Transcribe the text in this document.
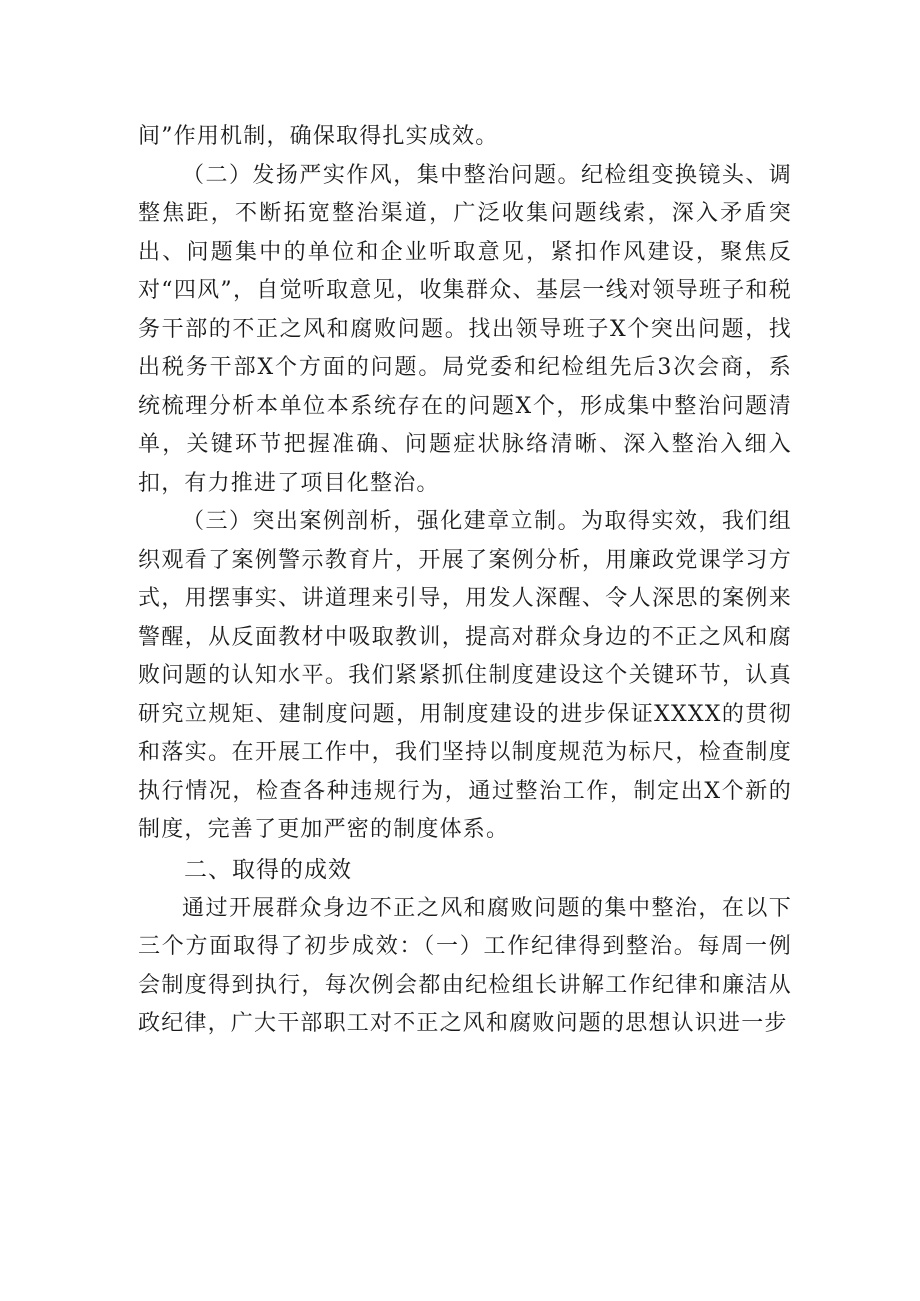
间”作用机制，确保取得扎实成效。

（二）发扬严实作风，集中整治问题。纪检组变换镜头、调整焦距，不断拓宽整治渠道，广泛收集问题线索，深入矛盾突出、问题集中的单位和企业听取意见，紧扣作风建设，聚焦反对“四风”，自觉听取意见，收集群众、基层一线对领导班子和税务干部的不正之风和腐败问题。找出领导班子X个突出问题，找出税务干部X个方面的问题。局党委和纪检组先后3次会商，系统梳理分析本单位本系统存在的问题X个，形成集中整治问题清单，关键环节把握准确、问题症状脉络清晰、深入整治入细入扣，有力推进了项目化整治。

（三）突出案例剖析，强化建章立制。为取得实效，我们组织观看了案例警示教育片，开展了案例分析，用廉政党课学习方式，用摆事实、讲道理来引导，用发人深醒、令人深思的案例来警醒，从反面教材中吸取教训，提高对群众身边的不正之风和腐败问题的认知水平。我们紧紧抓住制度建设这个关键环节，认真研究立规矩、建制度问题，用制度建设的进步保证XXXX的贯彻和落实。在开展工作中，我们坚持以制度规范为标尺，检查制度执行情况，检查各种违规行为，通过整治工作，制定出X个新的制度，完善了更加严密的制度体系。

二、取得的成效

通过开展群众身边不正之风和腐败问题的集中整治，在以下三个方面取得了初步成效：（一）工作纪律得到整治。每周一例会制度得到执行，每次例会都由纪检组长讲解工作纪律和廉洁从政纪律，广大干部职工对不正之风和腐败问题的思想认识进一步
